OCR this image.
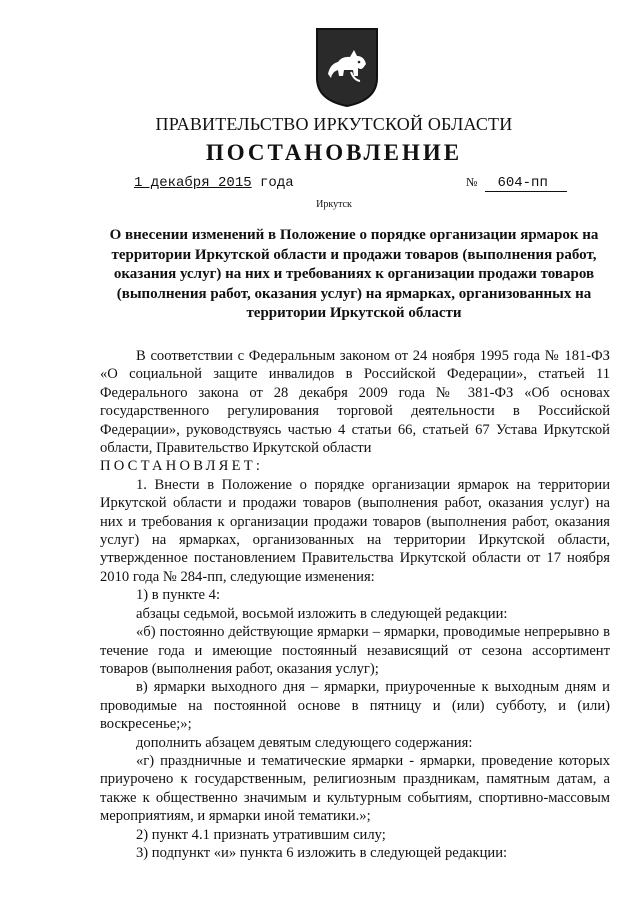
ПРАВИТЕЛЬСТВО ИРКУТСКОЙ ОБЛАСТИ
ПОСТАНОВЛЕНИЕ
1 декабря 2015 года	№ 604-пп
Иркутск
О внесении изменений в Положение о порядке организации ярмарок на территории Иркутской области и продажи товаров (выполнения работ, оказания услуг) на них и требованиях к организации продажи товаров (выполнения работ, оказания услуг) на ярмарках, организованных на территории Иркутской области

В соответствии с Федеральным законом от 24 ноября 1995 года № 181-ФЗ «О социальной защите инвалидов в Российской Федерации», статьей 11 Федерального закона от 28 декабря 2009 года № 381-ФЗ «Об основах государственного регулирования торговой деятельности в Российской Федерации», руководствуясь частью 4 статьи 66, статьей 67 Устава Иркутской области, Правительство Иркутской области

ПОСТАНОВЛЯЕТ:

1. Внести в Положение о порядке организации ярмарок на территории Иркутской области и продажи товаров (выполнения работ, оказания услуг) на них и требования к организации продажи товаров (выполнения работ, оказания услуг) на ярмарках, организованных на территории Иркутской области, утвержденное постановлением Правительства Иркутской области от 17 ноября 2010 года № 284-пп, следующие изменения:

1) в пункте 4:

абзацы седьмой, восьмой изложить в следующей редакции:

«б) постоянно действующие ярмарки – ярмарки, проводимые непрерывно в течение года и имеющие постоянный независящий от сезона ассортимент товаров (выполнения работ, оказания услуг);

в) ярмарки выходного дня – ярмарки, приуроченные к выходным дням и проводимые на постоянной основе в пятницу и (или) субботу, и (или) воскресенье;»;

дополнить абзацем девятым следующего содержания:

«г) праздничные и тематические ярмарки - ярмарки, проведение которых приурочено к государственным, религиозным праздникам, памятным датам, а также к общественно значимым и культурным событиям, спортивно-массовым мероприятиям, и ярмарки иной тематики.»;

2) пункт 4.1 признать утратившим силу;

3) подпункт «и» пункта 6 изложить в следующей редакции:
